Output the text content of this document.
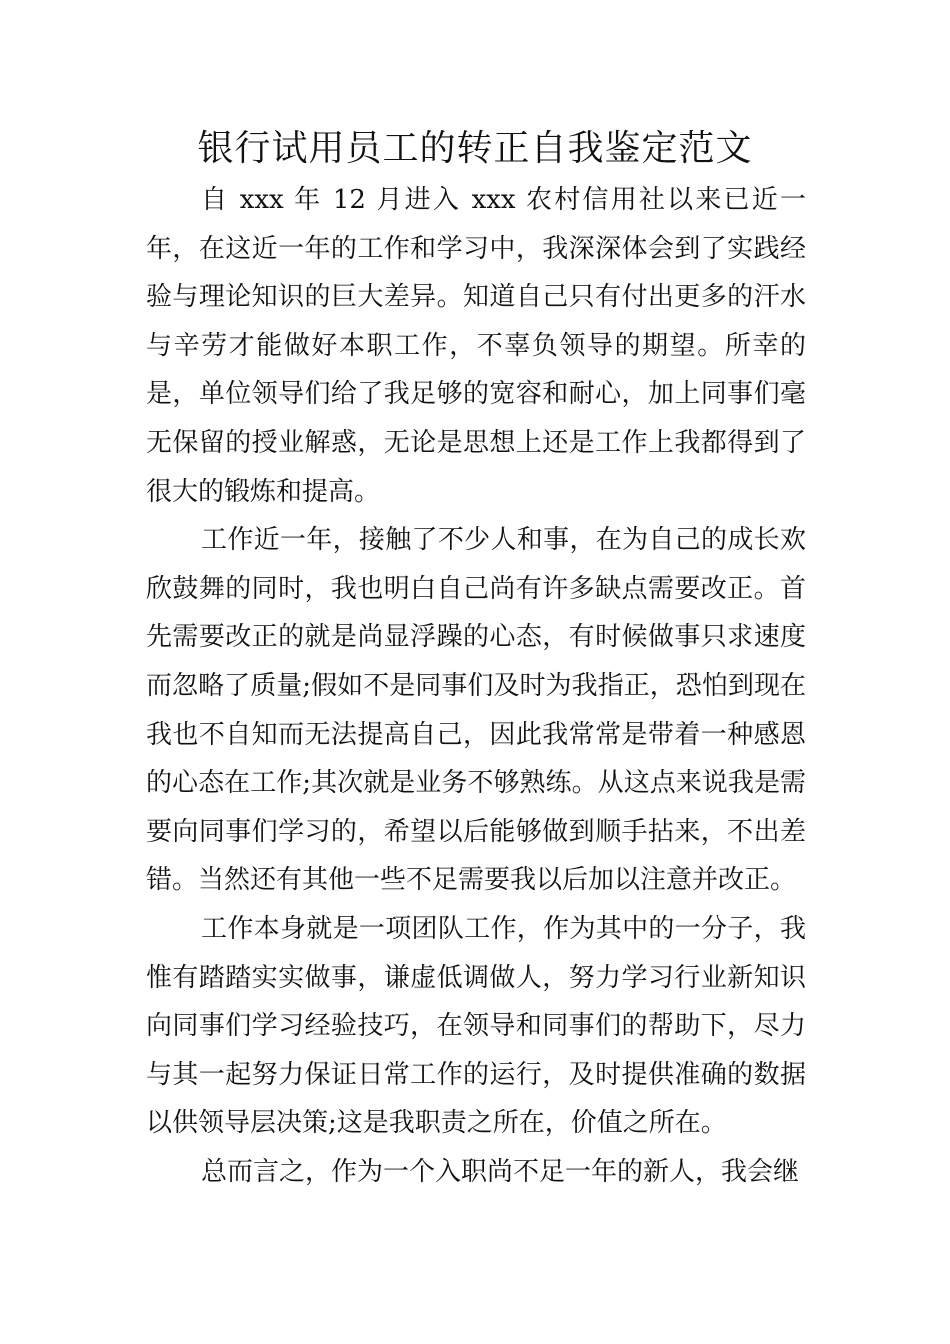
银行试用员工的转正自我鉴定范文

自 xxx 年 12 月进入 xxx 农村信用社以来已近一年，在这近一年的工作和学习中，我深深体会到了实践经验与理论知识的巨大差异。知道自己只有付出更多的汗水与辛劳才能做好本职工作，不辜负领导的期望。所幸的是，单位领导们给了我足够的宽容和耐心，加上同事们毫无保留的授业解惑，无论是思想上还是工作上我都得到了很大的锻炼和提高。

工作近一年，接触了不少人和事，在为自己的成长欢欣鼓舞的同时，我也明白自己尚有许多缺点需要改正。首先需要改正的就是尚显浮躁的心态，有时候做事只求速度而忽略了质量;假如不是同事们及时为我指正，恐怕到现在我也不自知而无法提高自己，因此我常常是带着一种感恩的心态在工作;其次就是业务不够熟练。从这点来说我是需要向同事们学习的，希望以后能够做到顺手拈来，不出差错。当然还有其他一些不足需要我以后加以注意并改正。

工作本身就是一项团队工作，作为其中的一分子，我惟有踏踏实实做事，谦虚低调做人，努力学习行业新知识向同事们学习经验技巧，在领导和同事们的帮助下，尽力与其一起努力保证日常工作的运行，及时提供准确的数据以供领导层决策;这是我职责之所在，价值之所在。

总而言之，作为一个入职尚不足一年的新人，我会继
